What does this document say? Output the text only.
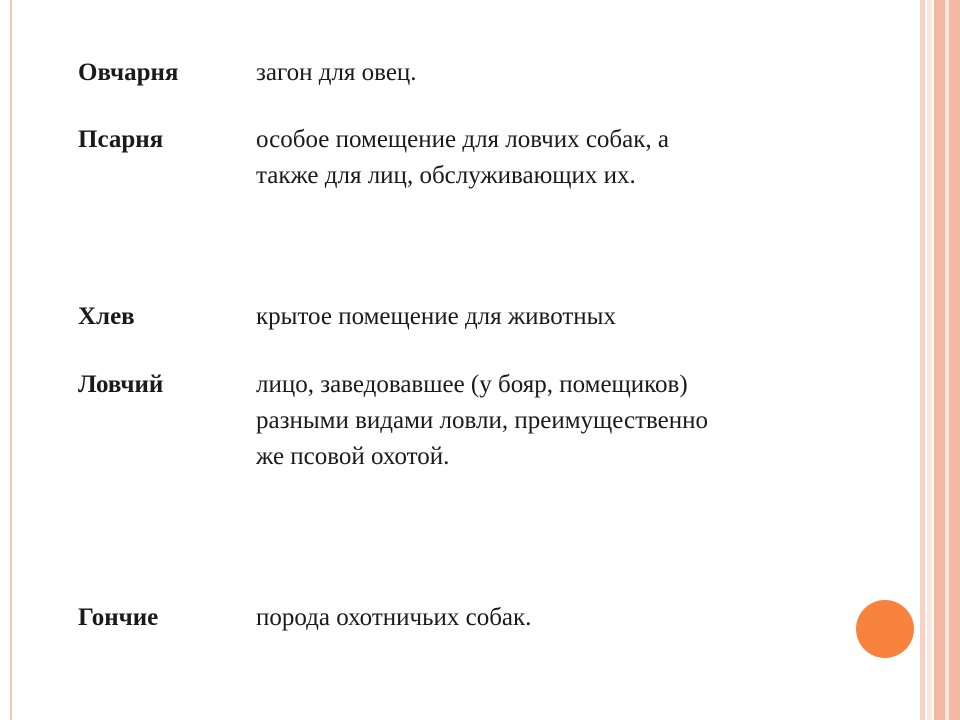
Овчарня	загон для овец.
Псарня	особое помещение для ловчих собак, а
также для лиц, обслуживающих их.
Хлев	крытое помещение для животных
Ловчий	лицо, заведовавшее (у бояр, помещиков)
разными видами ловли, преимущественно
же псовой охотой.
Гончие	порода охотничьих собак.
